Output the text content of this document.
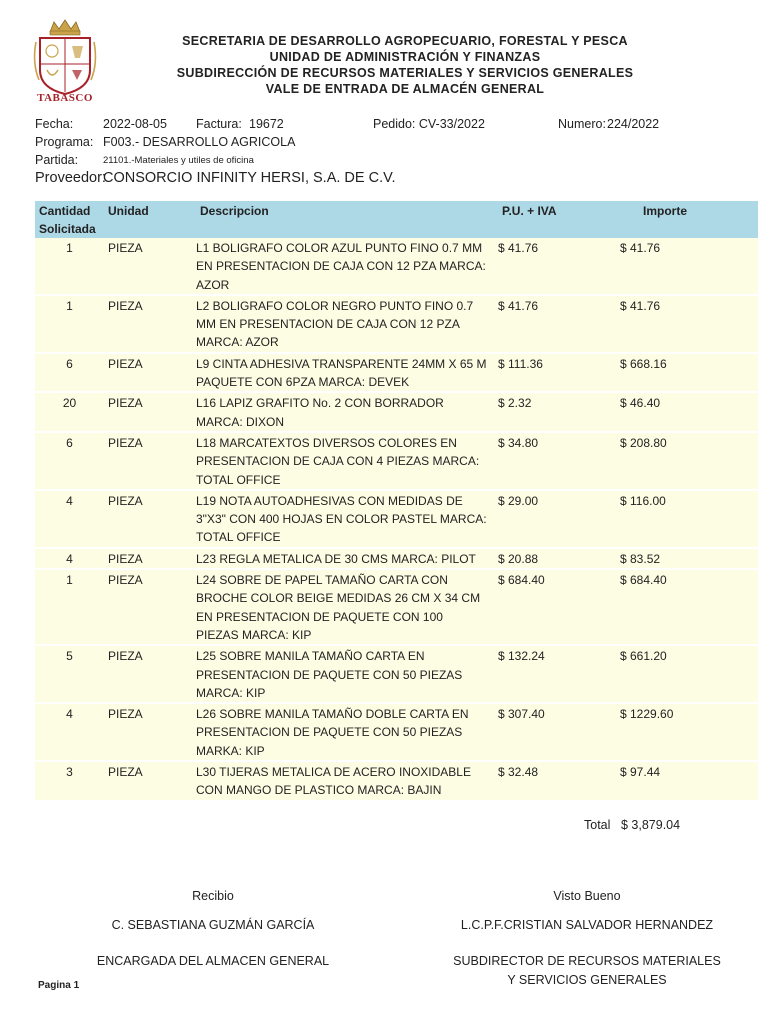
TABASCO
SECRETARIA DE DESARROLLO AGROPECUARIO, FORESTAL Y PESCA
UNIDAD DE ADMINISTRACIÓN Y FINANZAS
SUBDIRECCIÓN DE RECURSOS MATERIALES Y SERVICIOS GENERALES
VALE DE ENTRADA DE ALMACÉN GENERAL
Fecha: 2022-08-05 Factura: 19672	Pedido: CV-33/2022	Numero: 224/2022
Programa: F003.- DESARROLLO AGRICOLA
Partida:	21101.-Materiales y utiles de oficina
Proveedor:
CONSORCIO INFINITY HERSI, S.A. DE C.V.
Cantidad
Solicitada	Unidad	Descripcion	P.U. + IVA	Importe

1	PIEZA	L1 BOLIGRAFO COLOR AZUL PUNTO FINO 0.7 MM EN PRESENTACION DE CAJA CON 12 PZA MARCA: AZOR	$ 41.76	$ 41.76
1	PIEZA	L2 BOLIGRAFO COLOR NEGRO PUNTO FINO 0.7 MM EN PRESENTACION DE CAJA CON 12 PZA MARCA: AZOR	$ 41.76	$ 41.76
6	PIEZA	L9 CINTA ADHESIVA TRANSPARENTE 24MM X 65 M PAQUETE CON 6PZA MARCA: DEVEK	$ 111.36	$ 668.16
20	PIEZA	L16 LAPIZ GRAFITO No. 2 CON BORRADOR MARCA: DIXON	$ 2.32	$ 46.40
6	PIEZA	L18 MARCATEXTOS DIVERSOS COLORES EN PRESENTACION DE CAJA CON 4 PIEZAS MARCA: TOTAL OFFICE	$ 34.80	$ 208.80
4	PIEZA	L19 NOTA AUTOADHESIVAS CON MEDIDAS DE 3"X3" CON 400 HOJAS EN COLOR PASTEL MARCA: TOTAL OFFICE	$ 29.00	$ 116.00
4	PIEZA	L23 REGLA METALICA DE 30 CMS MARCA: PILOT	$ 20.88	$ 83.52
1	PIEZA	L24 SOBRE DE PAPEL TAMAÑO CARTA CON BROCHE COLOR BEIGE MEDIDAS 26 CM X 34 CM EN PRESENTACION DE PAQUETE CON 100 PIEZAS MARCA: KIP	$ 684.40	$ 684.40
5	PIEZA	L25 SOBRE MANILA TAMAÑO CARTA EN PRESENTACION DE PAQUETE CON 50 PIEZAS MARCA: KIP	$ 132.24	$ 661.20
4	PIEZA	L26 SOBRE MANILA TAMAÑO DOBLE CARTA EN PRESENTACION DE PAQUETE CON 50 PIEZAS MARKA: KIP	$ 307.40	$ 1229.60
3	PIEZA	L30 TIJERAS METALICA DE ACERO INOXIDABLE CON MANGO DE PLASTICO MARCA: BAJIN	$ 32.48	$ 97.44
Total $ 3,879.04
Recibio
C. SEBASTIANA GUZMÁN GARCÍA
ENCARGADA DEL ALMACEN GENERAL
Visto Bueno
L.C.P.F.CRISTIAN SALVADOR HERNANDEZ
SUBDIRECTOR DE RECURSOS MATERIALES
Y SERVICIOS GENERALES
Pagina 1
